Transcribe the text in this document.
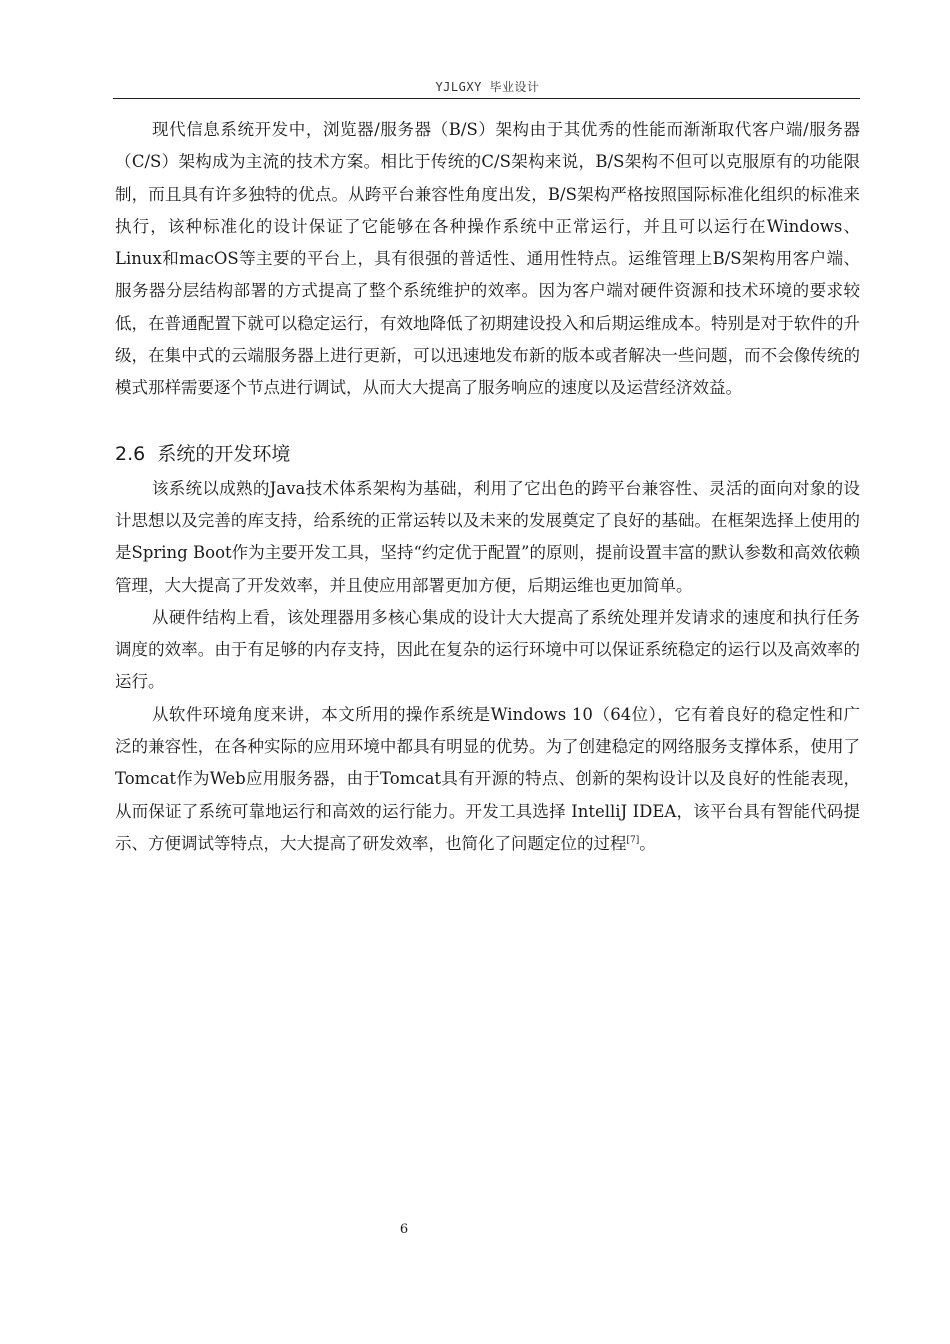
YJLGXY 毕业设计

现代信息系统开发中，浏览器/服务器（B/S）架构由于其优秀的性能而渐渐取代客户端/服务器（C/S）架构成为主流的技术方案。相比于传统的C/S架构来说，B/S架构不但可以克服原有的功能限制，而且具有许多独特的优点。从跨平台兼容性角度出发，B/S架构严格按照国际标准化组织的标准来执行，该种标准化的设计保证了它能够在各种操作系统中正常运行，并且可以运行在Windows、Linux和macOS等主要的平台上，具有很强的普适性、通用性特点。运维管理上B/S架构用客户端、服务器分层结构部署的方式提高了整个系统维护的效率。因为客户端对硬件资源和技术环境的要求较低，在普通配置下就可以稳定运行，有效地降低了初期建设投入和后期运维成本。特别是对于软件的升级，在集中式的云端服务器上进行更新，可以迅速地发布新的版本或者解决一些问题，而不会像传统的模式那样需要逐个节点进行调试，从而大大提高了服务响应的速度以及运营经济效益。

2.6 系统的开发环境

该系统以成熟的Java技术体系架构为基础，利用了它出色的跨平台兼容性、灵活的面向对象的设计思想以及完善的库支持，给系统的正常运转以及未来的发展奠定了良好的基础。在框架选择上使用的是Spring Boot作为主要开发工具，坚持“约定优于配置”的原则，提前设置丰富的默认参数和高效依赖管理，大大提高了开发效率，并且使应用部署更加方便，后期运维也更加简单。

从硬件结构上看，该处理器用多核心集成的设计大大提高了系统处理并发请求的速度和执行任务调度的效率。由于有足够的内存支持，因此在复杂的运行环境中可以保证系统稳定的运行以及高效率的运行。

从软件环境角度来讲，本文所用的操作系统是Windows 10（64位），它有着良好的稳定性和广泛的兼容性，在各种实际的应用环境中都具有明显的优势。为了创建稳定的网络服务支撑体系，使用了Tomcat作为Web应用服务器，由于Tomcat具有开源的特点、创新的架构设计以及良好的性能表现，从而保证了系统可靠地运行和高效的运行能力。开发工具选择 IntelliJ IDEA，该平台具有智能代码提示、方便调试等特点，大大提高了研发效率，也简化了问题定位的过程[7]。

6
